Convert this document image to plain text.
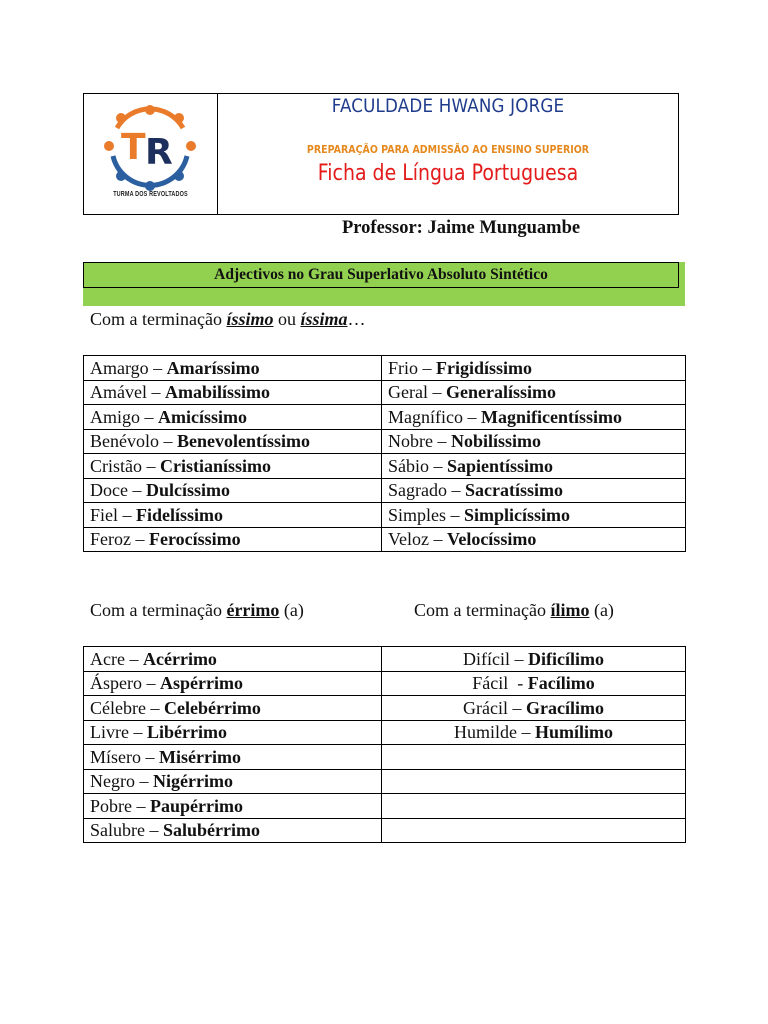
T R
TURMA DOS REVOLTADOS
FACULDADE HWANG JORGE
PREPARAÇÃO PARA ADMISSÃO AO ENSINO SUPERIOR
Ficha de Língua Portuguesa
Professor: Jaime Munguambe
Adjectivos no Grau Superlativo Absoluto Sintético
Com a terminação íssimo ou íssima…
Amargo – Amaríssimo	Frio – Frigidíssimo
Amável – Amabilíssimo	Geral – Generalíssimo
Amigo – Amicíssimo	Magnífico – Magnificentíssimo
Benévolo – Benevolentíssimo	Nobre – Nobilíssimo
Cristão – Cristianíssimo	Sábio – Sapientíssimo
Doce – Dulcíssimo	Sagrado – Sacratíssimo
Fiel – Fidelíssimo	Simples – Simplicíssimo
Feroz – Ferocíssimo	Veloz – Velocíssimo
Com a terminação érrimo (a)	Com a terminação ílimo (a)
Acre – Acérrimo	Difícil – Dificílimo
Áspero – Aspérrimo	Fácil  - Facílimo
Célebre – Celebérrimo	Grácil – Gracílimo
Livre – Libérrimo	Humilde – Humílimo
Mísero – Misérrimo	
Negro – Nigérrimo	
Pobre – Paupérrimo	
Salubre – Salubérrimo	
